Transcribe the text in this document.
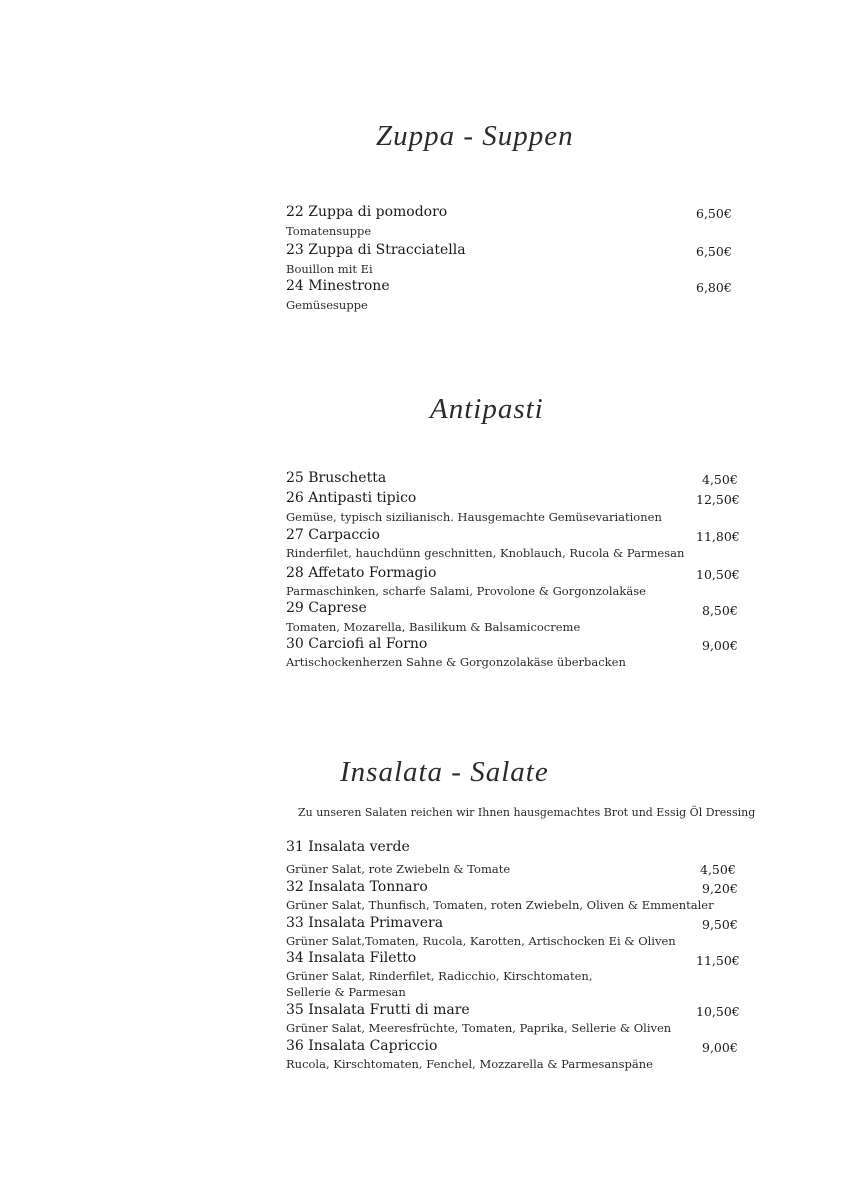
Zuppa - Suppen
22 Zuppa di pomodoro	6,50€
Tomatensuppe
23 Zuppa di Stracciatella	6,50€
Bouillon mit Ei
24 Minestrone	6,80€
Gemüsesuppe
Antipasti
25 Bruschetta	4,50€
26 Antipasti tipico	12,50€
Gemüse, typisch sizilianisch. Hausgemachte Gemüsevariationen
27 Carpaccio	11,80€
Rinderfilet, hauchdünn geschnitten, Knoblauch, Rucola & Parmesan
28 Affetato Formagio	10,50€
Parmaschinken, scharfe Salami, Provolone & Gorgonzolakäse
29 Caprese	8,50€
Tomaten, Mozarella, Basilikum & Balsamicocreme
30 Carciofi al Forno	9,00€
Artischockenherzen Sahne & Gorgonzolakäse überbacken
Insalata - Salate
Zu unseren Salaten reichen wir Ihnen hausgemachtes Brot und Essig Öl Dressing
31 Insalata verde
Grüner Salat, rote Zwiebeln & Tomate	4,50€
32 Insalata Tonnaro	9,20€
Grüner Salat, Thunfisch, Tomaten, roten Zwiebeln, Oliven & Emmentaler
33 Insalata Primavera	9,50€
Grüner Salat,Tomaten, Rucola, Karotten, Artischocken Ei & Oliven
34 Insalata Filetto	11,50€
Grüner Salat, Rinderfilet, Radicchio, Kirschtomaten,
Sellerie & Parmesan
35 Insalata Frutti di mare	10,50€
Grüner Salat, Meeresfrüchte, Tomaten, Paprika, Sellerie & Oliven
36 Insalata Capriccio	9,00€
Rucola, Kirschtomaten, Fenchel, Mozzarella & Parmesanspäne
